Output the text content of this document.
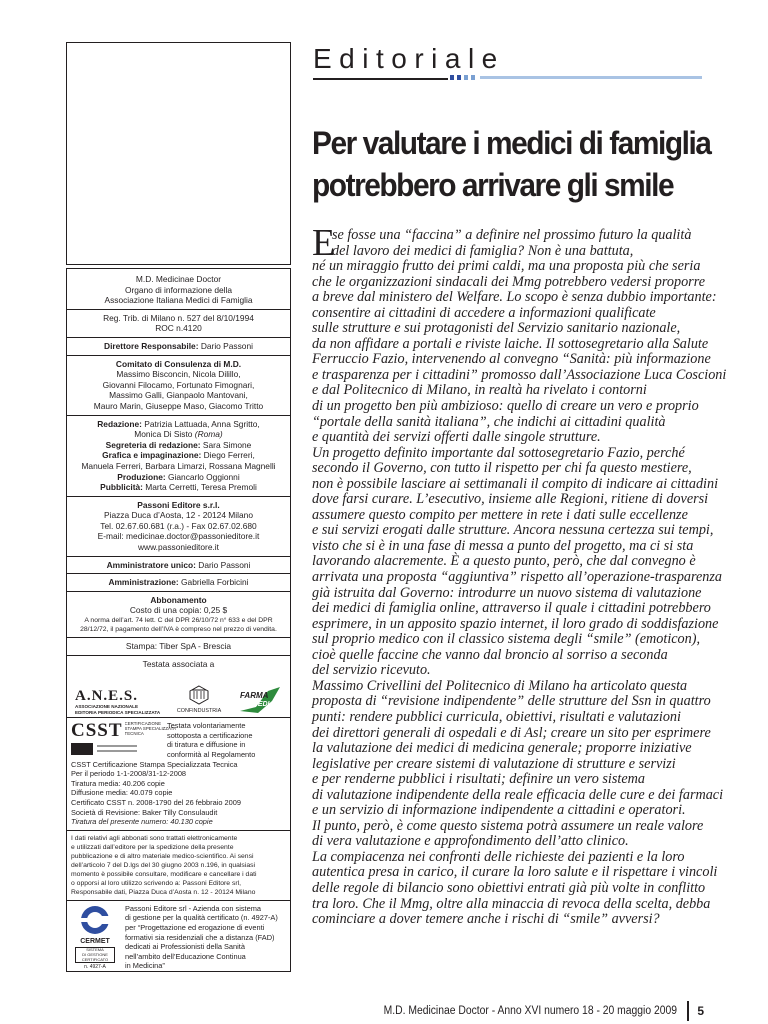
M.D. Medicinae Doctor
Organo di informazione della
Associazione Italiana Medici di Famiglia
Reg. Trib. di Milano n. 527 del 8/10/1994
ROC n.4120
Direttore Responsabile: Dario Passoni
Comitato di Consulenza di M.D.
Massimo Bisconcin, Nicola Dilillo,
Giovanni Filocamo, Fortunato Fimognari,
Massimo Galli, Gianpaolo Mantovani,
Mauro Marin, Giuseppe Maso, Giacomo Tritto
Redazione: Patrizia Lattuada, Anna Sgritto,
Monica Di Sisto (Roma)
Segreteria di redazione: Sara Simone
Grafica e impaginazione: Diego Ferreri,
Manuela Ferreri, Barbara Limarzi, Rossana Magnelli
Produzione: Giancarlo Oggionni
Pubblicità: Marta Cerretti, Teresa Premoli
Passoni Editore s.r.l.
Piazza Duca d’Aosta, 12 - 20124 Milano
Tel. 02.67.60.681 (r.a.) - Fax 02.67.02.680
E-mail: medicinae.doctor@passonieditore.it
www.passonieditore.it
Amministratore unico: Dario Passoni
Amministrazione: Gabriella Forbicini
Abbonamento
Costo di una copia: 0,25 $
A norma dell’art. 74 lett. C del DPR 26/10/72 n° 633 e del DPR
28/12/72, il pagamento dell’IVA è compreso nel prezzo di vendita.
Stampa: Tiber SpA - Brescia
Testata associata a
A.N.E.S.
ASSOCIAZIONE NAZIONALE
EDITORIA PERIODICA SPECIALIZZATA	CONFINDUSTRIA
FARMA
MEDIA
CSST CERTIFICAZIONE
STAMPA SPECIALIZZATA
TECNICA
Testata volontariamente
sottoposta a certificazione
di tiratura e diffusione in
conformità al Regolamento
CSST Certificazione Stampa Specializzata Tecnica
Per il periodo 1-1-2008/31-12-2008
Tiratura media: 40.206 copie
Diffusione media: 40.079 copie
Certificato CSST n. 2008-1790 del 26 febbraio 2009
Società di Revisione: Baker Tilly Consulaudit
Tiratura del presente numero: 40.130 copie
I dati relativi agli abbonati sono trattati elettronicamente
e utilizzati dall’editore per la spedizione della presente
pubblicazione e di altro materiale medico-scientifico. Ai sensi
dell’articolo 7 del D.lgs del 30 giugno 2003 n.196, in qualsiasi
momento è possibile consultare, modificare e cancellare i dati
o opporsi al loro utilizzo scrivendo a: Passoni Editore srl,
Responsabile dati, Piazza Duca d’Aosta n. 12 - 20124 Milano
CERMET
SISTEMA
DI GESTIONE
CERTIFICATO
n. 4927-A
Passoni Editore srl - Azienda con sistema
di gestione per la qualità certificato (n. 4927-A)
per “Progettazione ed erogazione di eventi
formativi sia residenziali che a distanza (FAD)
dedicati ai Professionisti della Sanità
nell’ambito dell’Educazione Continua
in Medicina”
Editoriale
Per valutare i medici di famiglia
potrebbero arrivare gli smile
E
se fosse una “faccina” a definire nel prossimo futuro la qualità
del lavoro dei medici di famiglia? Non è una battuta,
né un miraggio frutto dei primi caldi, ma una proposta più che seria
che le organizzazioni sindacali dei Mmg potrebbero vedersi proporre
a breve dal ministero del Welfare. Lo scopo è senza dubbio importante:
consentire ai cittadini di accedere a informazioni qualificate
sulle strutture e sui protagonisti del Servizio sanitario nazionale,
da non affidare a portali e riviste laiche. Il sottosegretario alla Salute
Ferruccio Fazio, intervenendo al convegno “Sanità: più informazione
e trasparenza per i cittadini” promosso dall’Associazione Luca Coscioni
e dal Politecnico di Milano, in realtà ha rivelato i contorni
di un progetto ben più ambizioso: quello di creare un vero e proprio
“portale della sanità italiana”, che indichi ai cittadini qualità
e quantità dei servizi offerti dalle singole strutture.
Un progetto definito importante dal sottosegretario Fazio, perché
secondo il Governo, con tutto il rispetto per chi fa questo mestiere,
non è possibile lasciare ai settimanali il compito di indicare ai cittadini
dove farsi curare. L’esecutivo, insieme alle Regioni, ritiene di doversi
assumere questo compito per mettere in rete i dati sulle eccellenze
e sui servizi erogati dalle strutture. Ancora nessuna certezza sui tempi,
visto che si è in una fase di messa a punto del progetto, ma ci si sta
lavorando alacremente. È a questo punto, però, che dal convegno è
arrivata una proposta “aggiuntiva” rispetto all’operazione-trasparenza
già istruita dal Governo: introdurre un nuovo sistema di valutazione
dei medici di famiglia online, attraverso il quale i cittadini potrebbero
esprimere, in un apposito spazio internet, il loro grado di soddisfazione
sul proprio medico con il classico sistema degli “smile” (emoticon),
cioè quelle faccine che vanno dal broncio al sorriso a seconda
del servizio ricevuto.
Massimo Crivellini del Politecnico di Milano ha articolato questa
proposta di “revisione indipendente” delle strutture del Ssn in quattro
punti: rendere pubblici curricula, obiettivi, risultati e valutazioni
dei direttori generali di ospedali e di Asl; creare un sito per esprimere
la valutazione dei medici di medicina generale; proporre iniziative
legislative per creare sistemi di valutazione di strutture e servizi
e per renderne pubblici i risultati; definire un vero sistema
di valutazione indipendente della reale efficacia delle cure e dei farmaci
e un servizio di informazione indipendente a cittadini e operatori.
Il punto, però, è come questo sistema potrà assumere un reale valore
di vera valutazione e approfondimento dell’atto clinico.
La compiacenza nei confronti delle richieste dei pazienti e la loro
autentica presa in carico, il curare la loro salute e il rispettare i vincoli
delle regole di bilancio sono obiettivi entrati già più volte in conflitto
tra loro. Che il Mmg, oltre alla minaccia di revoca della scelta, debba
cominciare a dover temere anche i rischi di “smile” avversi?
M.D. Medicinae Doctor - Anno XVI numero 18 - 20 maggio 2009 5
